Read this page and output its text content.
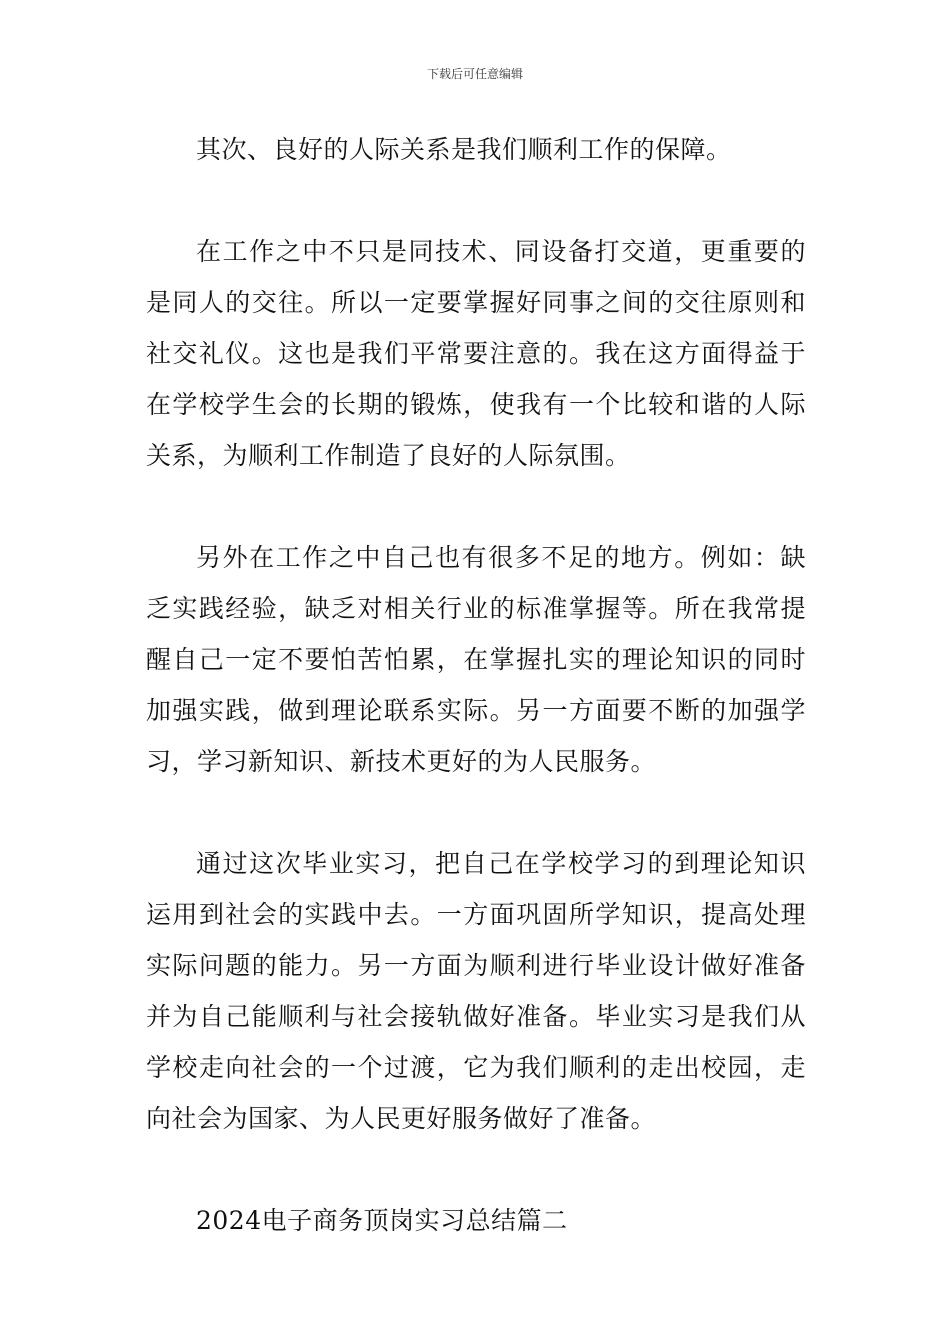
下载后可任意编辑

其次、良好的人际关系是我们顺利工作的保障。

在工作之中不只是同技术、同设备打交道，更重要的是同人的交往。所以一定要掌握好同事之间的交往原则和社交礼仪。这也是我们平常要注意的。我在这方面得益于在学校学生会的长期的锻炼，使我有一个比较和谐的人际关系，为顺利工作制造了良好的人际氛围。

另外在工作之中自己也有很多不足的地方。例如：缺乏实践经验，缺乏对相关行业的标准掌握等。所在我常提醒自己一定不要怕苦怕累，在掌握扎实的理论知识的同时加强实践，做到理论联系实际。另一方面要不断的加强学习，学习新知识、新技术更好的为人民服务。

通过这次毕业实习，把自己在学校学习的到理论知识运用到社会的实践中去。一方面巩固所学知识，提高处理实际问题的能力。另一方面为顺利进行毕业设计做好准备并为自己能顺利与社会接轨做好准备。毕业实习是我们从学校走向社会的一个过渡，它为我们顺利的走出校园，走向社会为国家、为人民更好服务做好了准备。

2024电子商务顶岗实习总结篇二
